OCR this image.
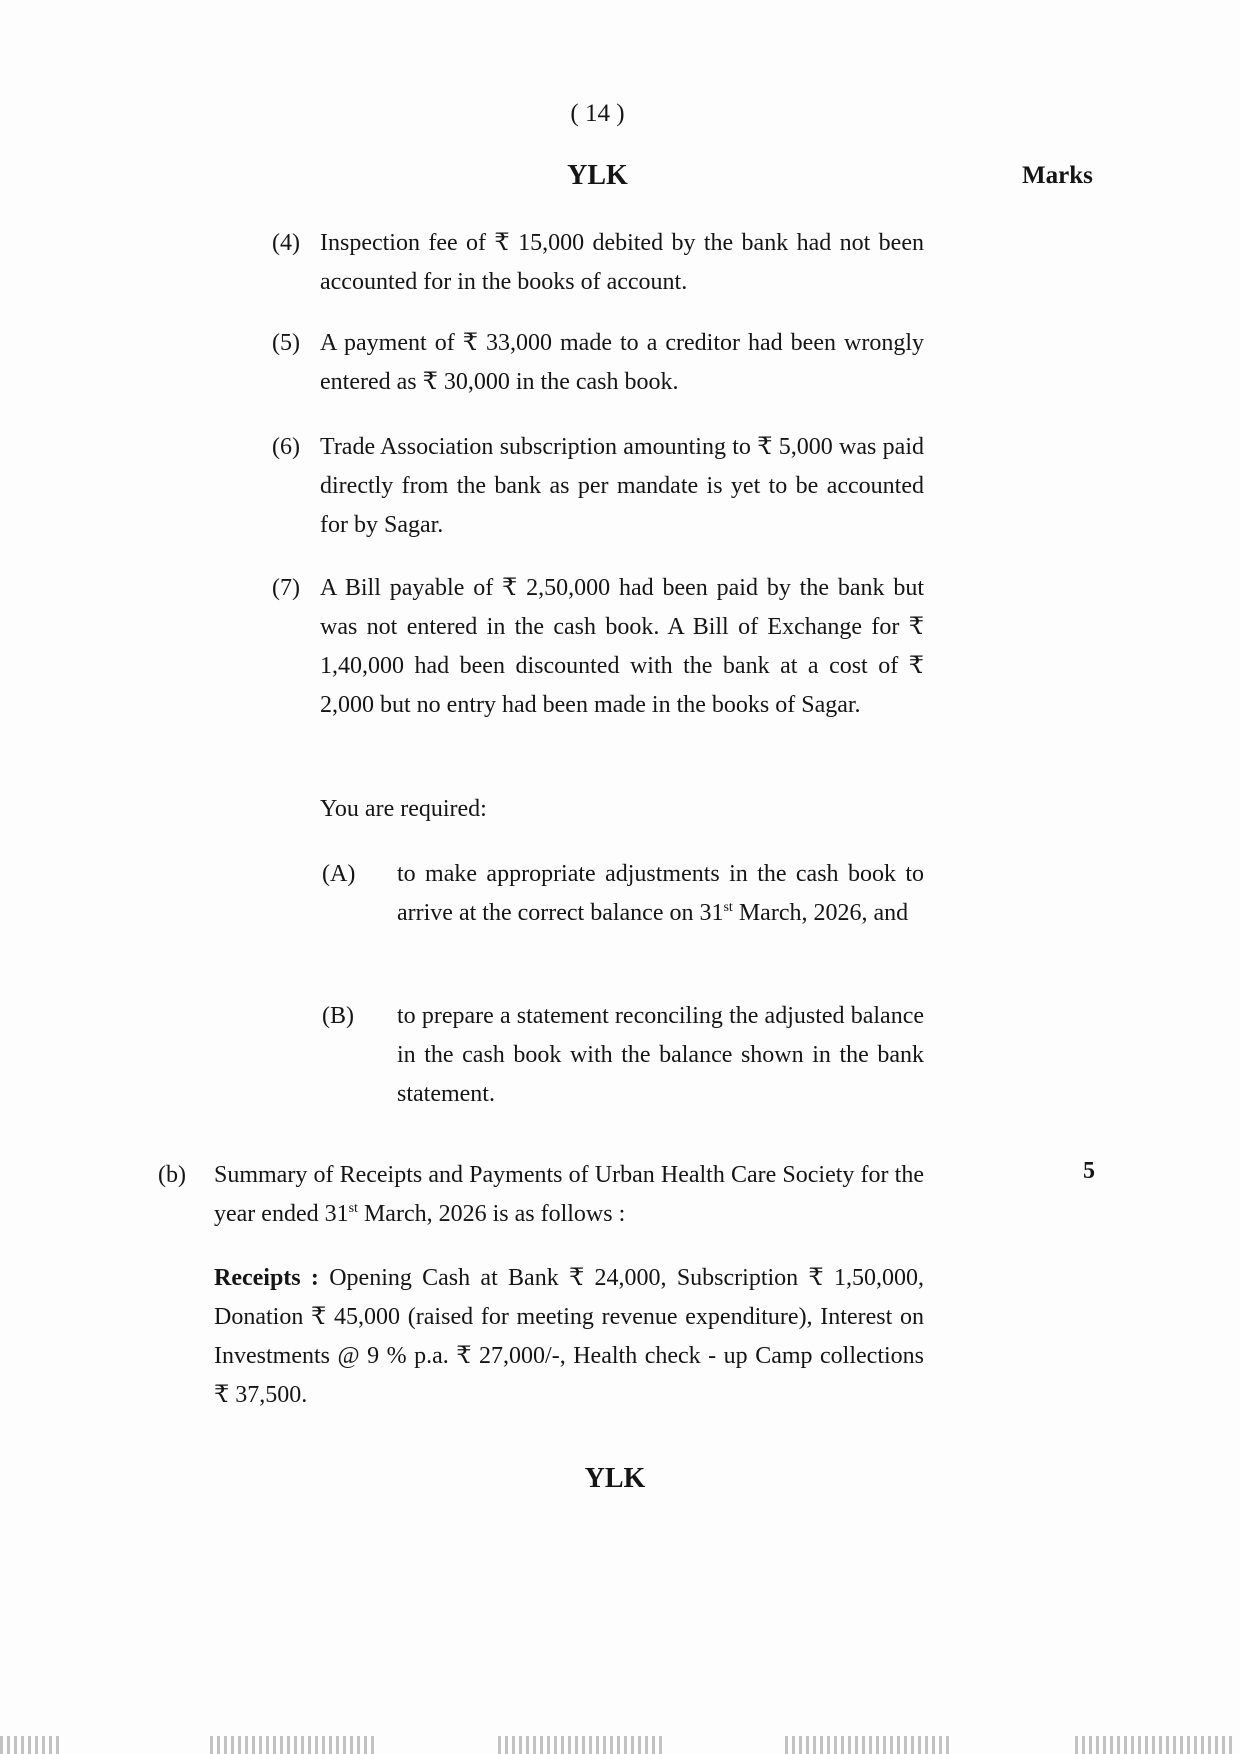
( 14 )
YLK	Marks
(4) Inspection fee of ₹ 15,000 debited by the bank had not been accounted for in the books of account.
(5) A payment of ₹ 33,000 made to a creditor had been wrongly entered as ₹ 30,000 in the cash book.
(6) Trade Association subscription amounting to ₹ 5,000 was paid directly from the bank as per mandate is yet to be accounted for by Sagar.
(7) A Bill payable of ₹ 2,50,000 had been paid by the bank but was not entered in the cash book. A Bill of Exchange for ₹ 1,40,000 had been discounted with the bank at a cost of ₹ 2,000 but no entry had been made in the books of Sagar.
You are required:
(A) to make appropriate adjustments in the cash book to arrive at the correct balance on 31st March, 2026, and
(B) to prepare a statement reconciling the adjusted balance in the cash book with the balance shown in the bank statement.
(b) Summary of Receipts and Payments of Urban Health Care Society for the year ended 31st March, 2026 is as follows :
5
Receipts : Opening Cash at Bank ₹ 24,000, Subscription ₹ 1,50,000, Donation ₹ 45,000 (raised for meeting revenue expenditure), Interest on Investments @ 9 % p.a. ₹ 27,000/-, Health check - up Camp collections ₹ 37,500.
YLK
